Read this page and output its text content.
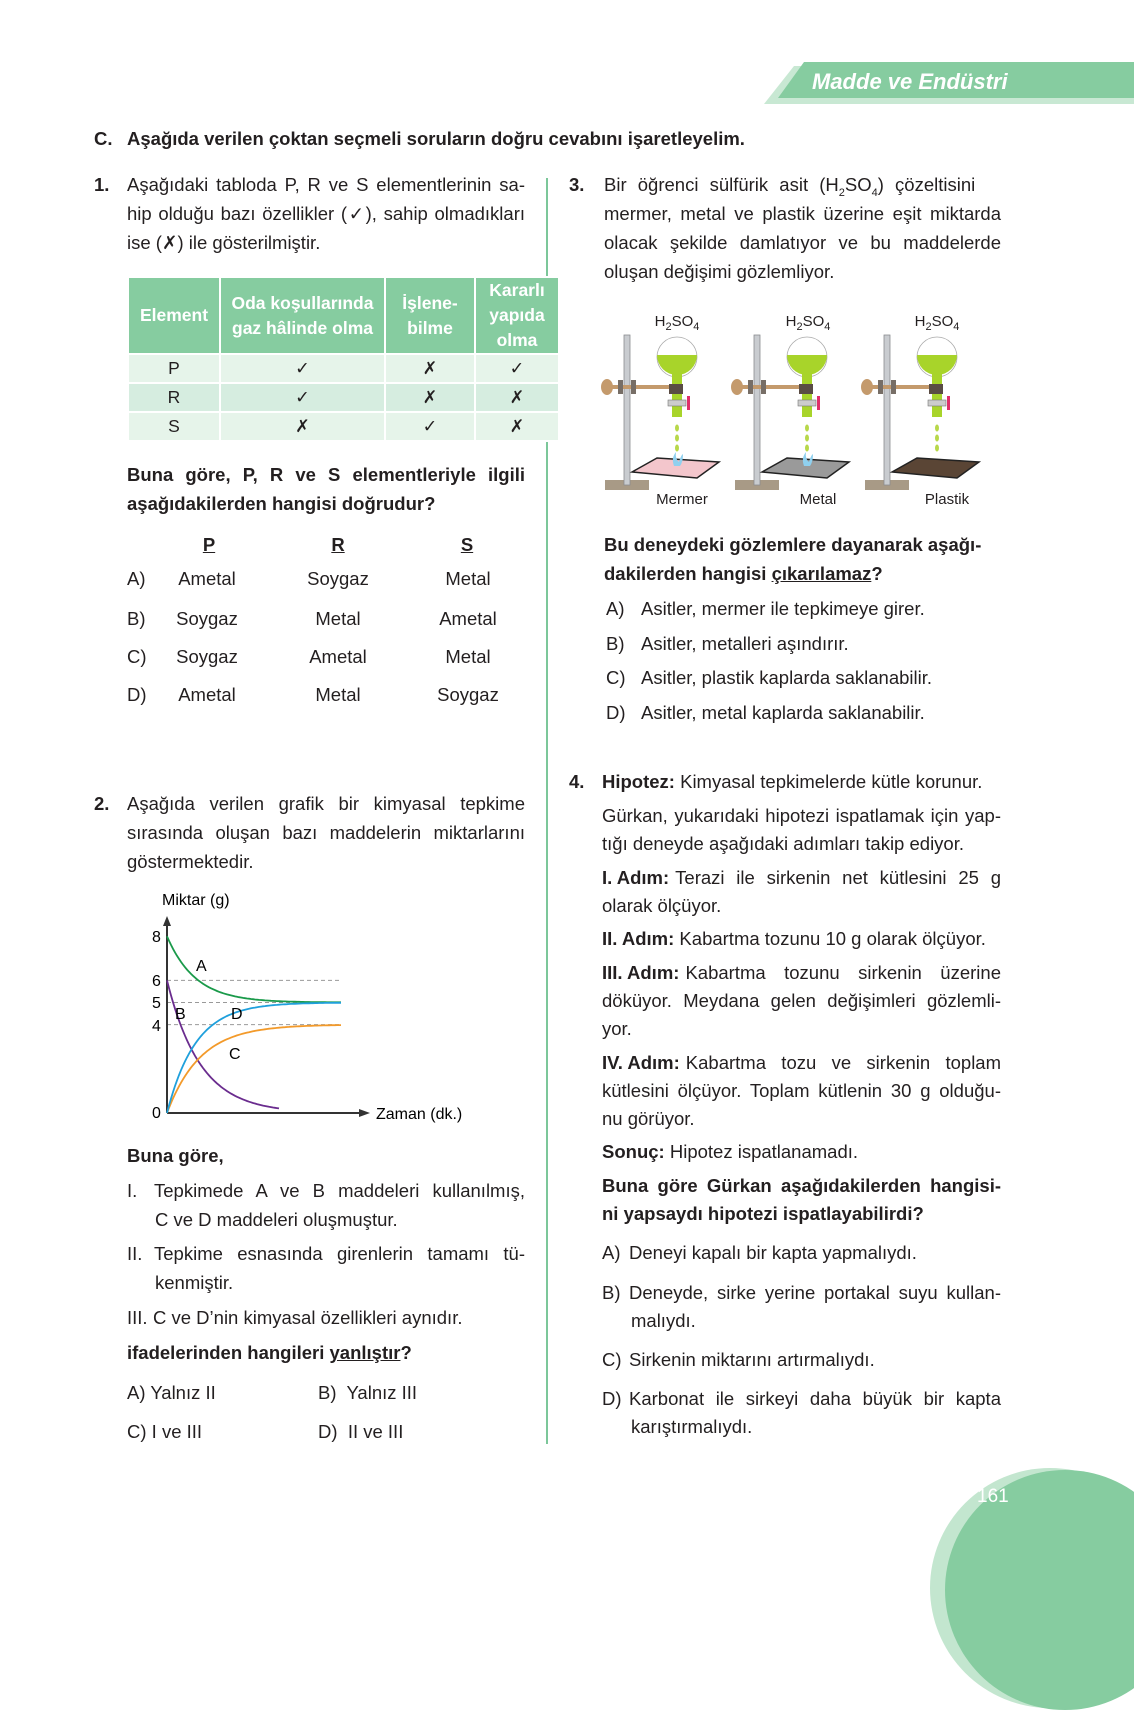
Madde ve Endüstri
C. Aşağıda verilen çoktan seçmeli soruların doğru cevabını işaretleyelim.
1. Aşağıdaki tabloda P, R ve S elementlerinin sa-
hip olduğu bazı özellikler (✓), sahip olmadıkları
ise (✗) ile gösterilmiştir.
Element	Oda koşullarında gaz hâlinde olma	İşlene- bilme	Kararlı yapıda olma
P	✓	✗	✓
R	✓	✗	✗
S	✗	✓	✗
Buna göre, P, R ve S elementleriyle ilgili
aşağıdakilerden hangisi doğrudur?
P	R	S
A) Ametal	Soygaz	Metal
B) Soygaz	Metal	Ametal
C) Soygaz	Ametal	Metal
D) Ametal	Metal	Soygaz
2. Aşağıda verilen grafik bir kimyasal tepkime
sırasında oluşan bazı maddelerin miktarlarını
göstermektedir.
Miktar (g)
Zaman (dk.)
8
6
5
4
0
A
B
C
D
Buna göre,
I. Tepkimede A ve B maddeleri kullanılmış,
C ve D maddeleri oluşmuştur.
II. Tepkime esnasında girenlerin tamamı tü-
kenmiştir.
III. C ve D’nin kimyasal özellikleri aynıdır.
ifadelerinden hangileri yanlıştır?
A) Yalnız II	B) Yalnız III
C) I ve III	D) II ve III
3. Bir öğrenci sülfürik asit $(H_2SO_4)$ çözeltisini
mermer, metal ve plastik üzerine eşit miktarda
olacak şekilde damlatıyor ve bu maddelerde
oluşan değişimi gözlemliyor.
Mermer	Metal	Plastik
$H_2SO_4$	$H_2SO_4$	$H_2SO_4$
Bu deneydeki gözlemlere dayanarak aşağı-
dakilerden hangisi çıkarılamaz?
A) Asitler, mermer ile tepkimeye girer.
B) Asitler, metalleri aşındırır.
C) Asitler, plastik kaplarda saklanabilir.
D) Asitler, metal kaplarda saklanabilir.
4. Hipotez: Kimyasal tepkimelerde kütle korunur.
Gürkan, yukarıdaki hipotezi ispatlamak için yap-
tığı deneyde aşağıdaki adımları takip ediyor.
I. Adım: Terazi ile sirkenin net kütlesini 25 g
olarak ölçüyor.
II. Adım: Kabartma tozunu 10 g olarak ölçüyor.
III. Adım: Kabartma tozunu sirkenin üzerine
döküyor. Meydana gelen değişimleri gözlemli-
yor.
IV. Adım: Kabartma tozu ve sirkenin toplam
kütlesini ölçüyor. Toplam kütlenin 30 g olduğu-
nu görüyor.
Sonuç: Hipotez ispatlanamadı.
Buna göre Gürkan aşağıdakilerden hangisi-
ni yapsaydı hipotezi ispatlayabilirdi?
A) Deneyi kapalı bir kapta yapmalıydı.
B) Deneyde, sirke yerine portakal suyu kullan-
malıydı.
C) Sirkenin miktarını artırmalıydı.
D) Karbonat ile sirkeyi daha büyük bir kapta
karıştırmalıydı.
161
